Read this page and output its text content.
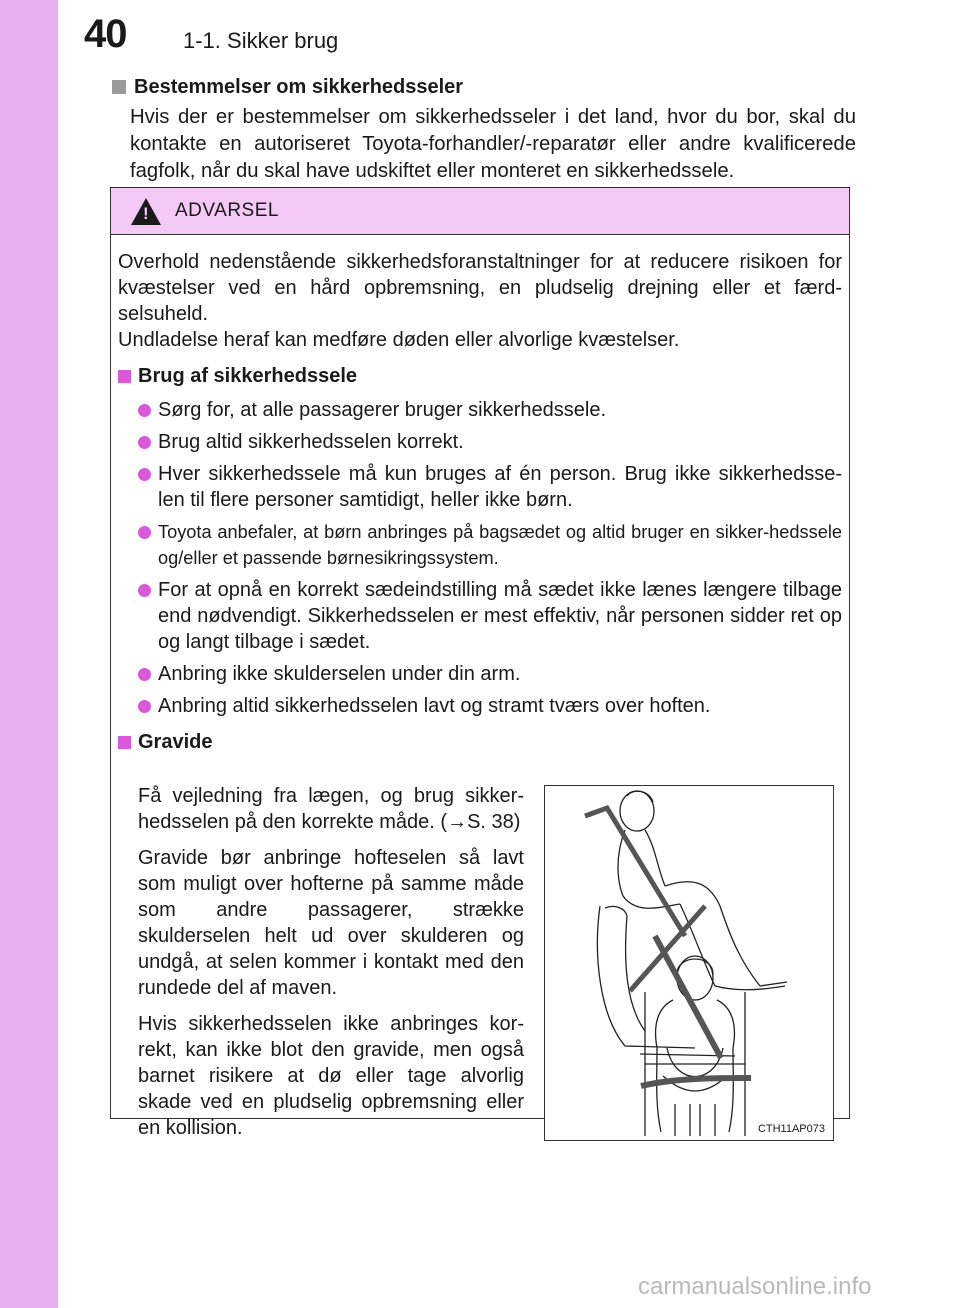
40	1-1. Sikker brug
Bestemmelser om sikkerhedsseler

Hvis der er bestemmelser om sikkerhedsseler i det land, hvor du bor, skal du kontakte en autoriseret Toyota-forhandler/-reparatør eller andre kvalificerede fagfolk, når du skal have udskiftet eller monteret en sikkerhedssele.

! ADVARSEL

Overhold nedenstående sikkerhedsforanstaltninger for at reducere risikoen for kvæstelser ved en hård opbremsning, en pludselig drejning eller et færd-selsuheld.

Undladelse heraf kan medføre døden eller alvorlige kvæstelser.

Brug af sikkerhedssele
Sørg for, at alle passagerer bruger sikkerhedssele.
Brug altid sikkerhedsselen korrekt.
Hver sikkerhedssele må kun bruges af én person. Brug ikke sikkerhedsse-len til flere personer samtidigt, heller ikke børn.
Toyota anbefaler, at børn anbringes på bagsædet og altid bruger en sikker-hedssele og/eller et passende børnesikringssystem.
For at opnå en korrekt sædeindstilling må sædet ikke lænes længere tilbage end nødvendigt. Sikkerhedsselen er mest effektiv, når personen sidder ret op og langt tilbage i sædet.
Anbring ikke skulderselen under din arm.
Anbring altid sikkerhedsselen lavt og stramt tværs over hoften.
Gravide

Få vejledning fra lægen, og brug sikker-hedsselen på den korrekte måde. (→S. 38)

Gravide bør anbringe hofteselen så lavt som muligt over hofterne på samme måde som andre passagerer, strække skulderselen helt ud over skulderen og undgå, at selen kommer i kontakt med den rundede del af maven.

Hvis sikkerhedsselen ikke anbringes kor-rekt, kan ikke blot den gravide, men også barnet risikere at dø eller tage alvorlig skade ved en pludselig opbremsning eller en kollision.	CTH11AP073
carmanualsonline.info
